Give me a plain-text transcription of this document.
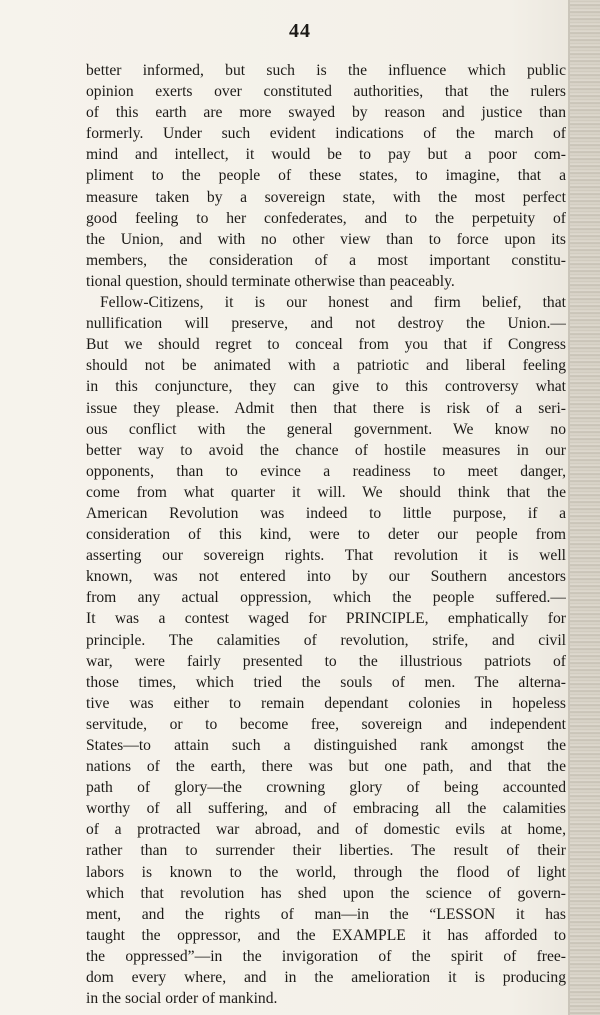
44
better informed, but such is the influence which public
opinion exerts over constituted authorities, that the rulers
of this earth are more swayed by reason and justice than
formerly. Under such evident indications of the march of
mind and intellect, it would be to pay but a poor com-
pliment to the people of these states, to imagine, that a
measure taken by a sovereign state, with the most perfect
good feeling to her confederates, and to the perpetuity of
the Union, and with no other view than to force upon its
members, the consideration of a most important constitu-
tional question, should terminate otherwise than peaceably.
Fellow-Citizens, it is our honest and firm belief, that
nullification will preserve, and not destroy the Union.—
But we should regret to conceal from you that if Congress
should not be animated with a patriotic and liberal feeling
in this conjuncture, they can give to this controversy what
issue they please. Admit then that there is risk of a seri-
ous conflict with the general government. We know no
better way to avoid the chance of hostile measures in our
opponents, than to evince a readiness to meet danger,
come from what quarter it will. We should think that the
American Revolution was indeed to little purpose, if a
consideration of this kind, were to deter our people from
asserting our sovereign rights. That revolution it is well
known, was not entered into by our Southern ancestors
from any actual oppression, which the people suffered.—
It was a contest waged for PRINCIPLE, emphatically for
principle. The calamities of revolution, strife, and civil
war, were fairly presented to the illustrious patriots of
those times, which tried the souls of men. The alterna-
tive was either to remain dependant colonies in hopeless
servitude, or to become free, sovereign and independent
States—to attain such a distinguished rank amongst the
nations of the earth, there was but one path, and that the
path of glory—the crowning glory of being accounted
worthy of all suffering, and of embracing all the calamities
of a protracted war abroad, and of domestic evils at home,
rather than to surrender their liberties. The result of their
labors is known to the world, through the flood of light
which that revolution has shed upon the science of govern-
ment, and the rights of man—in the “LESSON it has
taught the oppressor, and the EXAMPLE it has afforded to
the oppressed”—in the invigoration of the spirit of free-
dom every where, and in the amelioration it is producing
in the social order of mankind.
